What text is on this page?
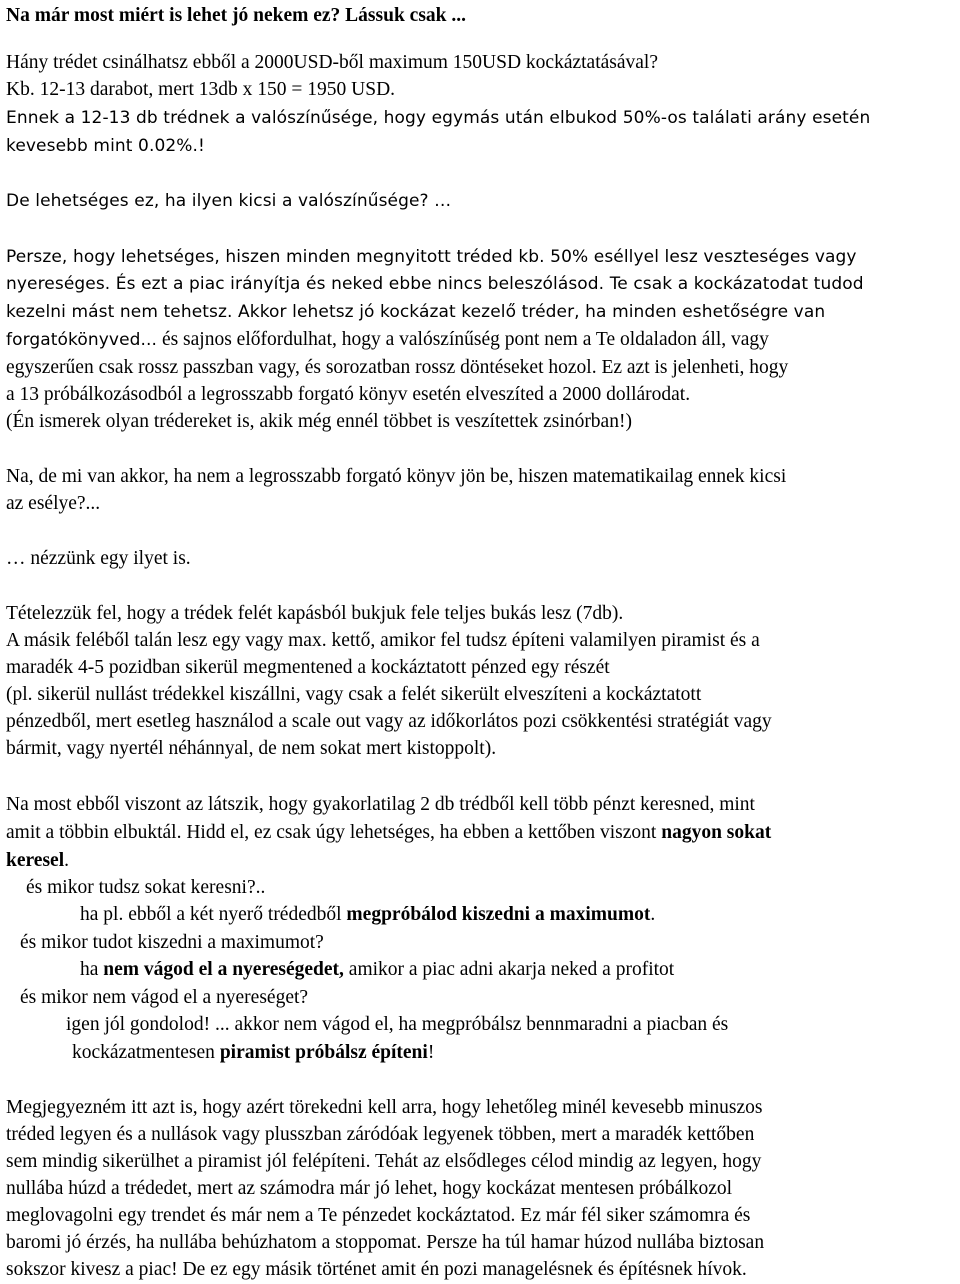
Na már most miért is lehet jó nekem ez? Lássuk csak ...
Hány trédet csinálhatsz ebből a 2000USD-ből maximum 150USD kockáztatásával?
Kb. 12-13 darabot, mert 13db x 150 = 1950 USD.
Ennek a 12-13 db trédnek a valószínűsége, hogy egymás után elbukod 50%-os találati arány esetén
kevesebb mint 0.02%.!
De lehetséges ez, ha ilyen kicsi a valószínűsége? …
Persze, hogy lehetséges, hiszen minden megnyitott tréded kb. 50% eséllyel lesz veszteséges vagy
nyereséges. És ezt a piac irányítja és neked ebbe nincs beleszólásod. Te csak a kockázatodat tudod
kezelni mást nem tehetsz. Akkor lehetsz jó kockázat kezelő tréder, ha minden eshetőségre van
forgatókönyved... és sajnos előfordulhat, hogy a valószínűség pont nem a Te oldaladon áll, vagy
egyszerűen csak rossz passzban vagy, és sorozatban rossz döntéseket hozol. Ez azt is jelenheti, hogy
a 13 próbálkozásodból a legrosszabb forgató könyv esetén elveszíted a 2000 dollárodat.
(Én ismerek olyan trédereket is, akik még ennél többet is veszítettek zsinórban!)
Na, de mi van akkor, ha nem a legrosszabb forgató könyv jön be, hiszen matematikailag ennek kicsi
az esélye?...
… nézzünk egy ilyet is.
Tételezzük fel, hogy a trédek felét kapásból bukjuk fele teljes bukás lesz (7db).
A másik feléből talán lesz egy vagy max. kettő, amikor fel tudsz építeni valamilyen piramist és a
maradék 4-5 pozidban sikerül megmentened a kockáztatott pénzed egy részét
(pl. sikerül nullást trédekkel kiszállni, vagy csak a felét sikerült elveszíteni a kockáztatott
pénzedből, mert esetleg használod a scale out vagy az időkorlátos pozi csökkentési stratégiát vagy
bármit, vagy nyertél néhánnyal, de nem sokat mert kistoppolt).
Na most ebből viszont az látszik, hogy gyakorlatilag 2 db trédből kell több pénzt keresned, mint
amit a többin elbuktál. Hidd el, ez csak úgy lehetséges, ha ebben a kettőben viszont nagyon sokat
keresel.
és mikor tudsz sokat keresni?..
ha pl. ebből a két nyerő trédedből megpróbálod kiszedni a maximumot.
és mikor tudot kiszedni a maximumot?
ha nem vágod el a nyereségedet, amikor a piac adni akarja neked a profitot
és mikor nem vágod el a nyereséget?
igen jól gondolod! ... akkor nem vágod el, ha megpróbálsz bennmaradni a piacban és
kockázatmentesen piramist próbálsz építeni!
Megjegyezném itt azt is, hogy azért törekedni kell arra, hogy lehetőleg minél kevesebb minuszos
tréded legyen és a nullások vagy plusszban záródóak legyenek többen, mert a maradék kettőben
sem mindig sikerülhet a piramist jól felépíteni. Tehát az elsődleges célod mindig az legyen, hogy
nullába húzd a trédedet, mert az számodra már jó lehet, hogy kockázat mentesen próbálkozol
meglovagolni egy trendet és már nem a Te pénzedet kockáztatod. Ez már fél siker számomra és
baromi jó érzés, ha nullába behúzhatom a stoppomat. Persze ha túl hamar húzod nullába biztosan
sokszor kivesz a piac! De ez egy másik történet amit én pozi managelésnek és építésnek hívok.
